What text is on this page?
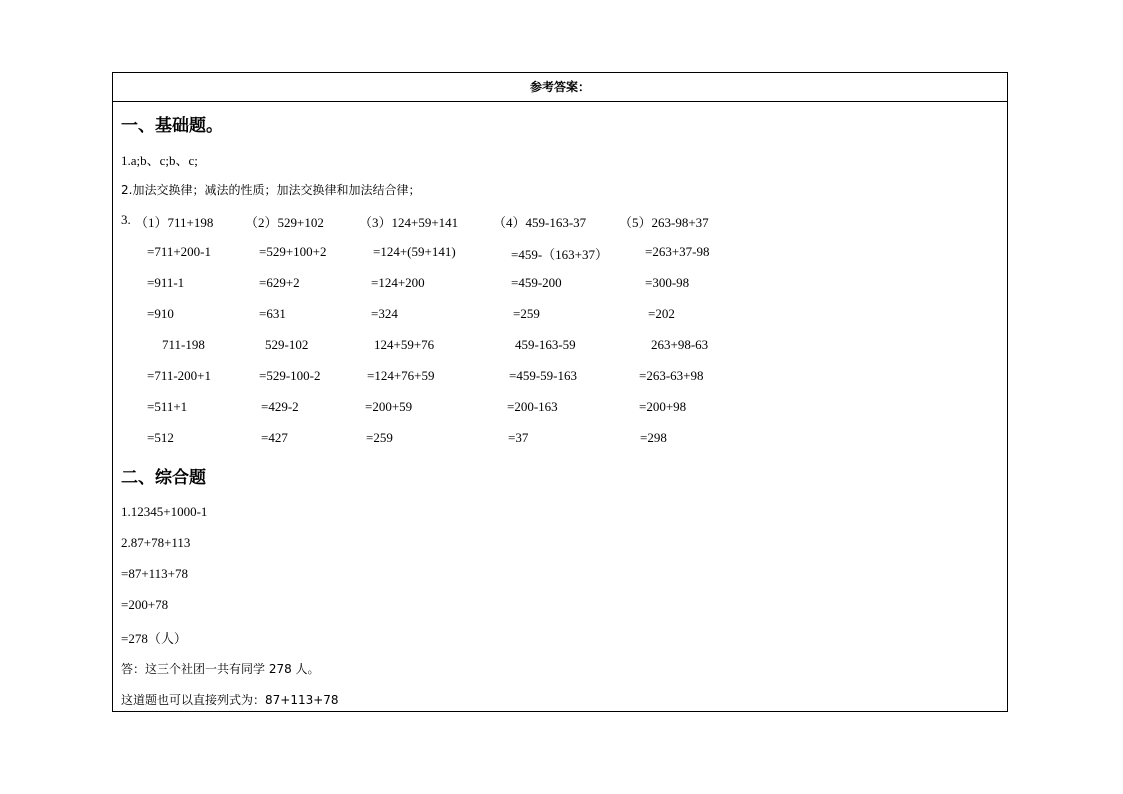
参考答案：
一、基础题。
1.a;b、c;b、c;
2.加法交换律；减法的性质；加法交换律和加法结合律；
3. （1）711+198
=711+200-1
=911-1
=910
711-198
=711-200+1
=511+1
=512
（2）529+102
=529+100+2
=629+2
=631
529-102
=529-100-2
=429-2
=427
（3）124+59+141
=124+(59+141)
=124+200
=324
124+59+76
=124+76+59
=200+59
=259
（4）459-163-37
=459-（163+37）
=459-200
=259
459-163-59
=459-59-163
=200-163
=37
（5）263-98+37
=263+37-98
=300-98
=202
263+98-63
=263-63+98
=200+98
=298
二、综合题
1.12345+1000-1
2.87+78+113
=87+113+78
=200+78
=278（人）
答：这三个社团一共有同学 278 人。
这道题也可以直接列式为：87+113+78
